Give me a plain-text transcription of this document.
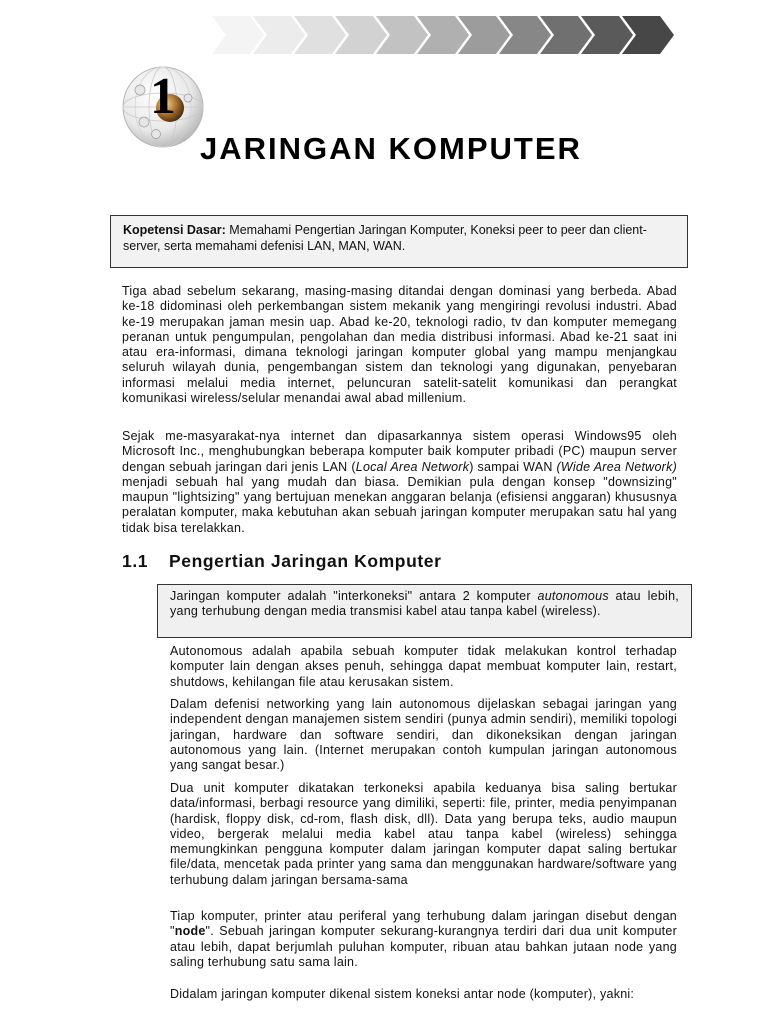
1
JARINGAN KOMPUTER
Kopetensi Dasar: Memahami Pengertian Jaringan Komputer, Koneksi peer to peer dan client-server, serta memahami defenisi LAN, MAN, WAN.

Tiga abad sebelum sekarang, masing-masing ditandai dengan dominasi yang berbeda. Abad ke-18 didominasi oleh perkembangan sistem mekanik yang mengiringi revolusi industri. Abad ke-19 merupakan jaman mesin uap. Abad ke-20, teknologi radio, tv dan komputer memegang peranan untuk pengumpulan, pengolahan dan media distribusi informasi. Abad ke-21 saat ini atau era-informasi, dimana teknologi jaringan komputer global yang mampu menjangkau seluruh wilayah dunia, pengembangan sistem dan teknologi yang digunakan, penyebaran informasi melalui media internet, peluncuran satelit-satelit komunikasi dan perangkat komunikasi wireless/selular menandai awal abad millenium.

Sejak me-masyarakat-nya internet dan dipasarkannya sistem operasi Windows95 oleh Microsoft Inc., menghubungkan beberapa komputer baik komputer pribadi (PC) maupun server dengan sebuah jaringan dari jenis LAN (Local Area Network) sampai WAN (Wide Area Network) menjadi sebuah hal yang mudah dan biasa. Demikian pula dengan konsep "downsizing" maupun "lightsizing" yang bertujuan menekan anggaran belanja (efisiensi anggaran) khususnya peralatan komputer, maka kebutuhan akan sebuah jaringan komputer merupakan satu hal yang tidak bisa terelakkan.

1.1 Pengertian Jaringan Komputer
Jaringan komputer adalah "interkoneksi" antara 2 komputer autonomous atau lebih, yang terhubung dengan media transmisi kabel atau tanpa kabel (wireless).

Autonomous adalah apabila sebuah komputer tidak melakukan kontrol terhadap komputer lain dengan akses penuh, sehingga dapat membuat komputer lain, restart, shutdows, kehilangan file atau kerusakan sistem.

Dalam defenisi networking yang lain autonomous dijelaskan sebagai jaringan yang independent dengan manajemen sistem sendiri (punya admin sendiri), memiliki topologi jaringan, hardware dan software sendiri, dan dikoneksikan dengan jaringan autonomous yang lain. (Internet merupakan contoh kumpulan jaringan autonomous yang sangat besar.)

Dua unit komputer dikatakan terkoneksi apabila keduanya bisa saling bertukar data/informasi, berbagi resource yang dimiliki, seperti: file, printer, media penyimpanan (hardisk, floppy disk, cd-rom, flash disk, dll). Data yang berupa teks, audio maupun video, bergerak melalui media kabel atau tanpa kabel (wireless) sehingga memungkinkan pengguna komputer dalam jaringan komputer dapat saling bertukar file/data, mencetak pada printer yang sama dan menggunakan hardware/software yang terhubung dalam jaringan bersama-sama

Tiap komputer, printer atau periferal yang terhubung dalam jaringan disebut dengan "node". Sebuah jaringan komputer sekurang-kurangnya terdiri dari dua unit komputer atau lebih, dapat berjumlah puluhan komputer, ribuan atau bahkan jutaan node yang saling terhubung satu sama lain.

Didalam jaringan komputer dikenal sistem koneksi antar node (komputer), yakni:
